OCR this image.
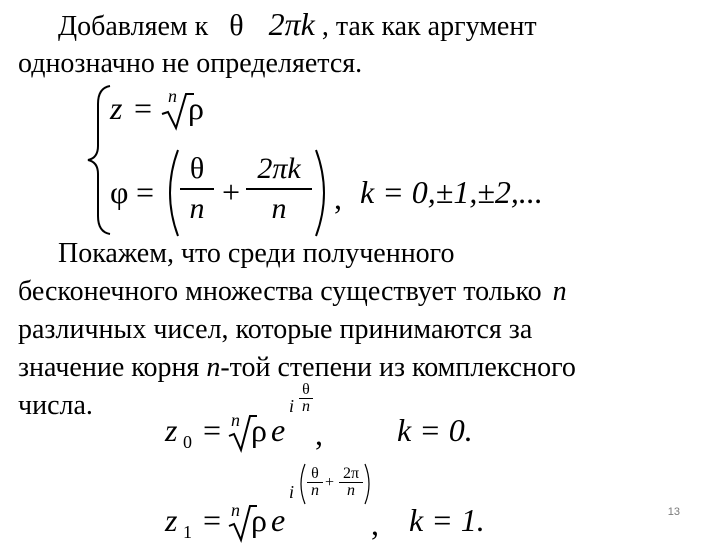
Добавляем к θ 2πk , так как аргумент
однозначно не определяется.
z = n ρ
φ =
θ
n +
2πk
n	, k = 0,±1,±2,...
Покажем, что среди полученного
бесконечного множества существует только n
различных чисел, которые принимаются за
значение корня n-той степени из комплексного
числа.
z 0 = n ρ e
i
θ
n
, k = 0.
z 1 = n ρ e
i
θ
n +
2π
n
, k = 1.	13
